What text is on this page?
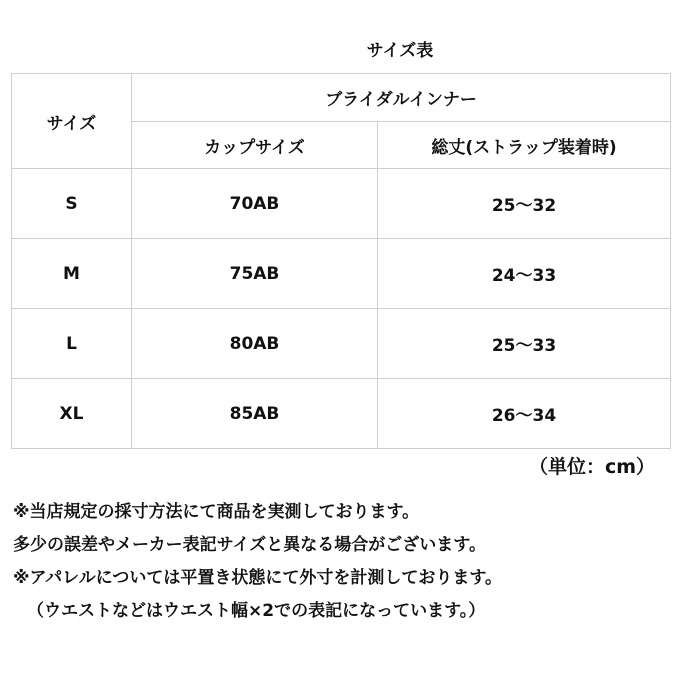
サイズ表
サイズ	ブライダルインナー	
	カップサイズ	総丈(ストラップ装着時)
S	70AB	25～32
M	75AB	24～33
L	80AB	25～33
XL	85AB	26～34
（単位：cm）
※当店規定の採寸方法にて商品を実測しております。
多少の誤差やメーカー表記サイズと異なる場合がございます。
※アパレルについては平置き状態にて外寸を計測しております。
（ウエストなどはウエスト幅×2での表記になっています。）
